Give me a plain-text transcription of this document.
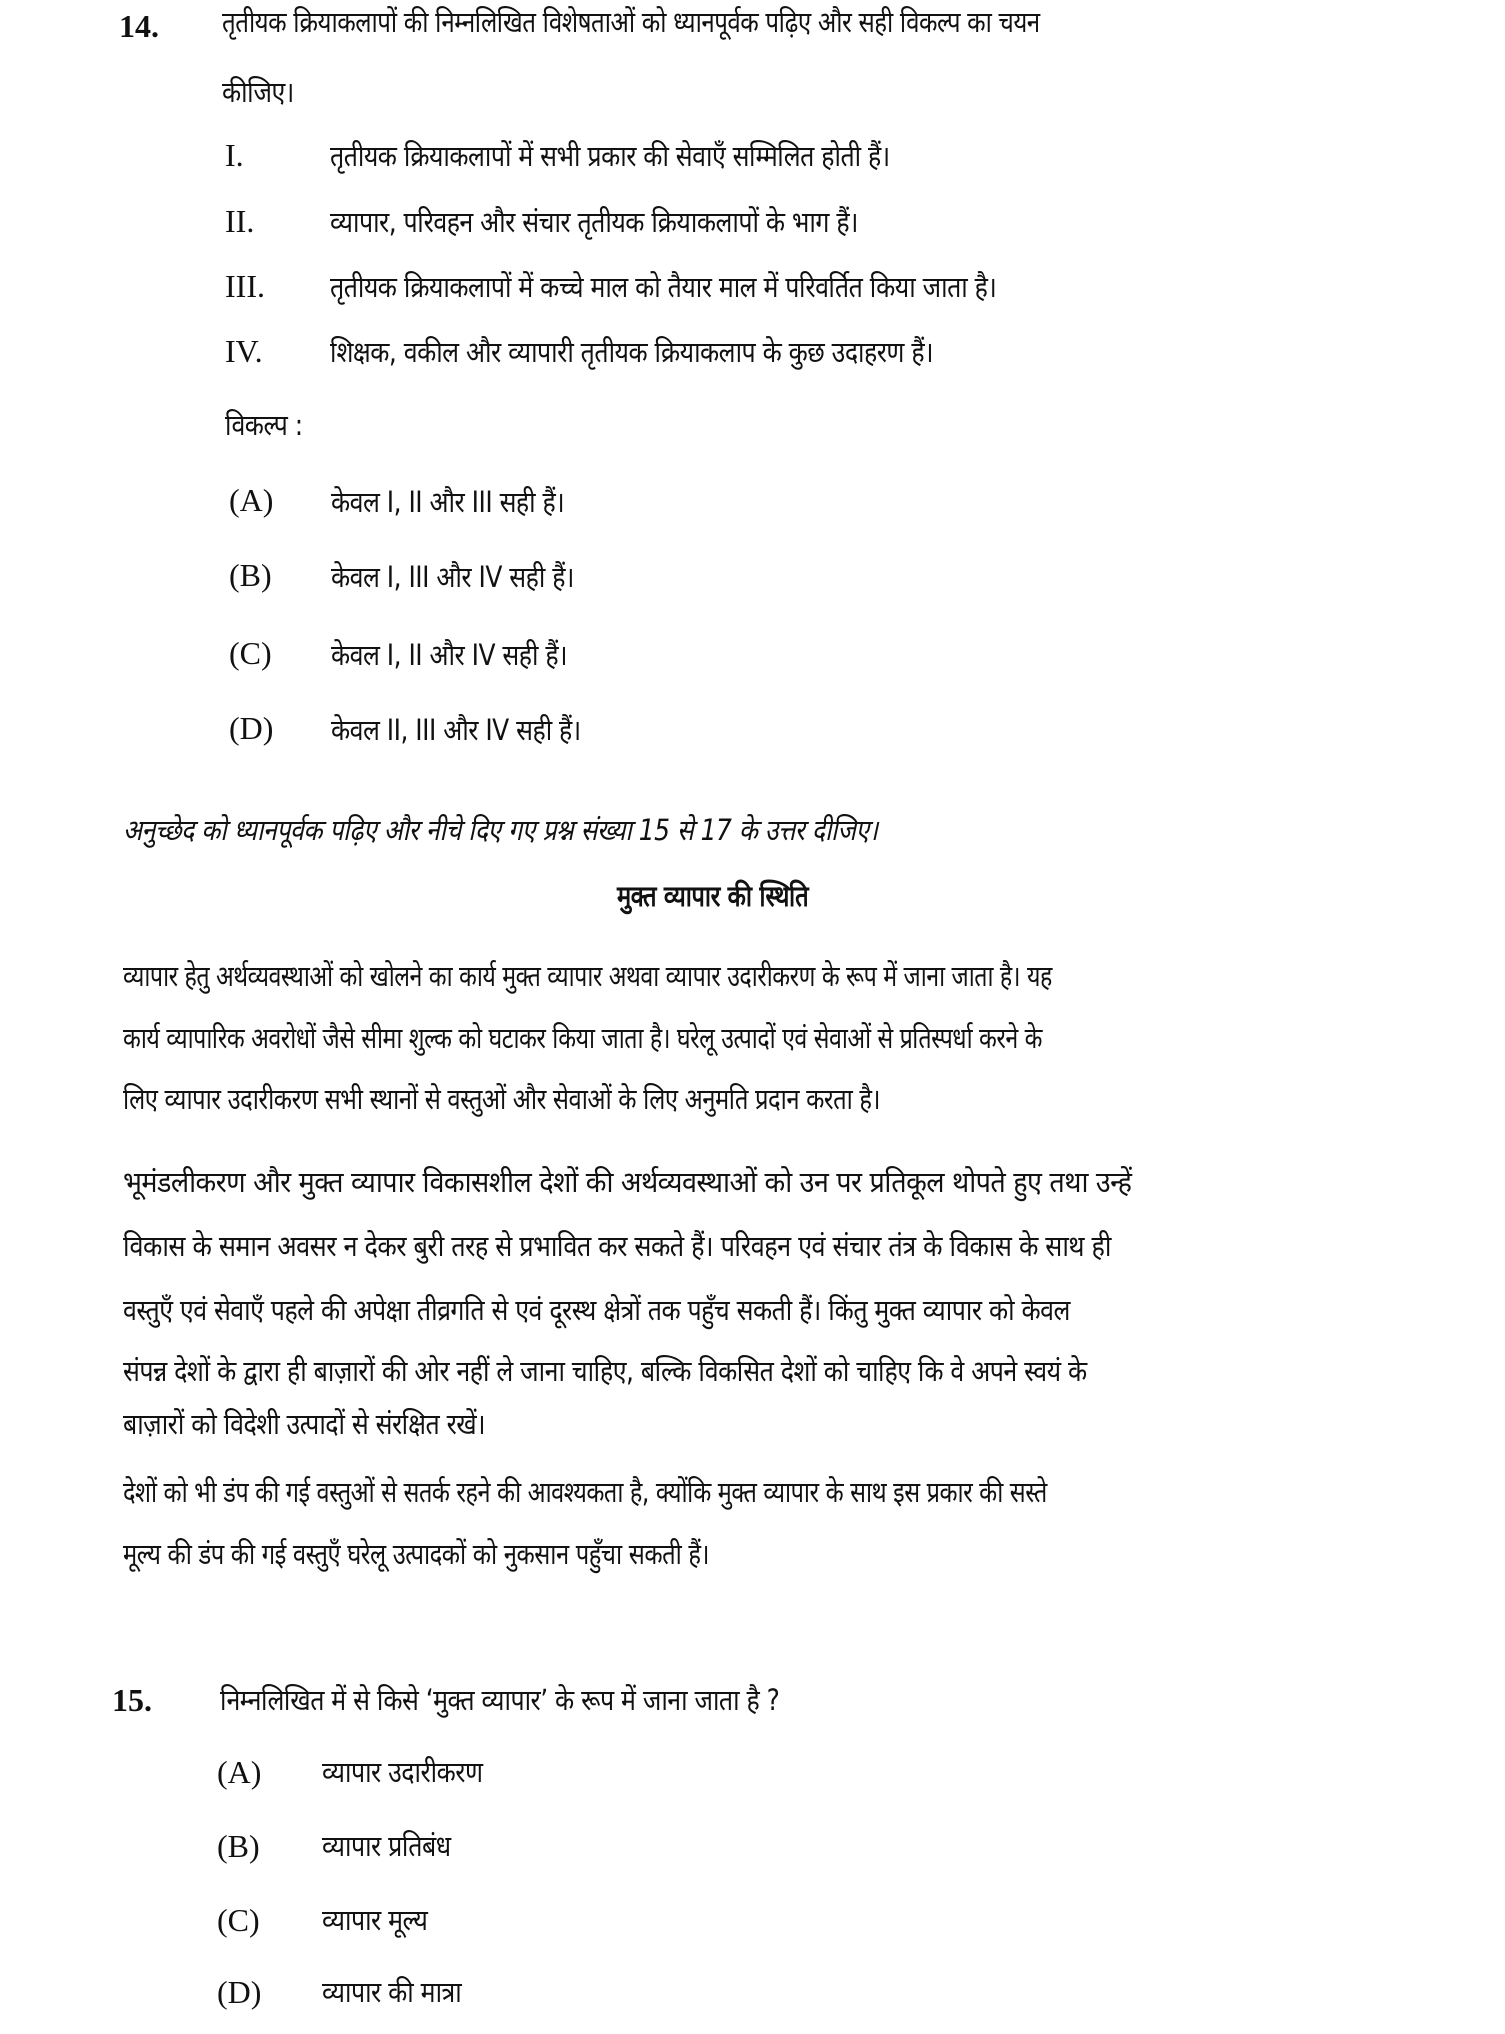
14. तृतीयक क्रियाकलापों की निम्नलिखित विशेषताओं को ध्यानपूर्वक पढ़िए और सही विकल्प का चयन
कीजिए।
I.	तृतीयक क्रियाकलापों में सभी प्रकार की सेवाएँ सम्मिलित होती हैं।
II.	व्यापार, परिवहन और संचार तृतीयक क्रियाकलापों के भाग हैं।
III. तृतीयक क्रियाकलापों में कच्चे माल को तैयार माल में परिवर्तित किया जाता है।
IV. शिक्षक, वकील और व्यापारी तृतीयक क्रियाकलाप के कुछ उदाहरण हैं।
विकल्प :
(A) केवल I, II और III सही हैं।
(B) केवल I, III और IV सही हैं।
(C) केवल I, II और IV सही हैं।
(D) केवल II, III और IV सही हैं।
अनुच्छेद को ध्यानपूर्वक पढ़िए और नीचे दिए गए प्रश्न संख्या 15 से 17 के उत्तर दीजिए।
मुक्त व्यापार की स्थिति
व्यापार हेतु अर्थव्यवस्थाओं को खोलने का कार्य मुक्त व्यापार अथवा व्यापार उदारीकरण के रूप में जाना जाता है। यह
कार्य व्यापारिक अवरोधों जैसे सीमा शुल्क को घटाकर किया जाता है। घरेलू उत्पादों एवं सेवाओं से प्रतिस्पर्धा करने के
लिए व्यापार उदारीकरण सभी स्थानों से वस्तुओं और सेवाओं के लिए अनुमति प्रदान करता है।
भूमंडलीकरण और मुक्त व्यापार विकासशील देशों की अर्थव्यवस्थाओं को उन पर प्रतिकूल थोपते हुए तथा उन्हें
विकास के समान अवसर न देकर बुरी तरह से प्रभावित कर सकते हैं। परिवहन एवं संचार तंत्र के विकास के साथ ही
वस्तुएँ एवं सेवाएँ पहले की अपेक्षा तीव्रगति से एवं दूरस्थ क्षेत्रों तक पहुँच सकती हैं। किंतु मुक्त व्यापार को केवल
संपन्न देशों के द्वारा ही बाज़ारों की ओर नहीं ले जाना चाहिए, बल्कि विकसित देशों को चाहिए कि वे अपने स्वयं के
बाज़ारों को विदेशी उत्पादों से संरक्षित रखें।
देशों को भी डंप की गई वस्तुओं से सतर्क रहने की आवश्यकता है, क्योंकि मुक्त व्यापार के साथ इस प्रकार की सस्ते
मूल्य की डंप की गई वस्तुएँ घरेलू उत्पादकों को नुकसान पहुँचा सकती हैं।
15. निम्नलिखित में से किसे ‘मुक्त व्यापार’ के रूप में जाना जाता है ?
(A) व्यापार उदारीकरण
(B) व्यापार प्रतिबंध
(C) व्यापार मूल्य
(D) व्यापार की मात्रा
